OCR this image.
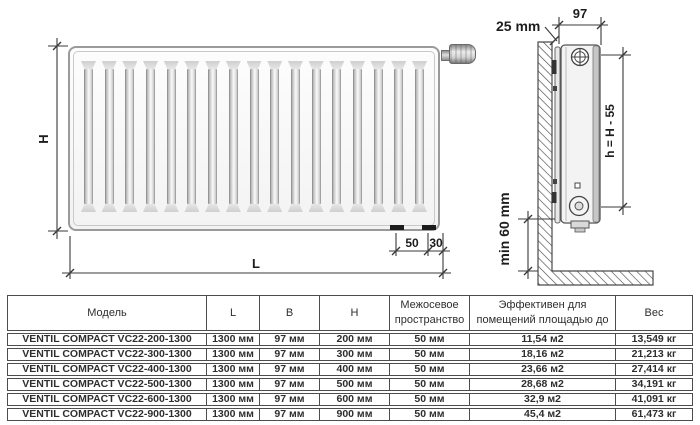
H
L
50 30
97
25 mm
h = H - 55
min 60 mm
Модель	L	B	H	Межосевое пространство	Эффективен для помещений площадью до	Вес
VENTIL COMPACT VC22-200-1300	1300 мм	97 мм	200 мм	50 мм	11,54 м2	13,549 кг
VENTIL COMPACT VC22-300-1300	1300 мм	97 мм	300 мм	50 мм	18,16 м2	21,213 кг
VENTIL COMPACT VC22-400-1300	1300 мм	97 мм	400 мм	50 мм	23,66 м2	27,414 кг
VENTIL COMPACT VC22-500-1300	1300 мм	97 мм	500 мм	50 мм	28,68 м2	34,191 кг
VENTIL COMPACT VC22-600-1300	1300 мм	97 мм	600 мм	50 мм	32,9 м2	41,091 кг
VENTIL COMPACT VC22-900-1300	1300 мм	97 мм	900 мм	50 мм	45,4 м2	61,473 кг
